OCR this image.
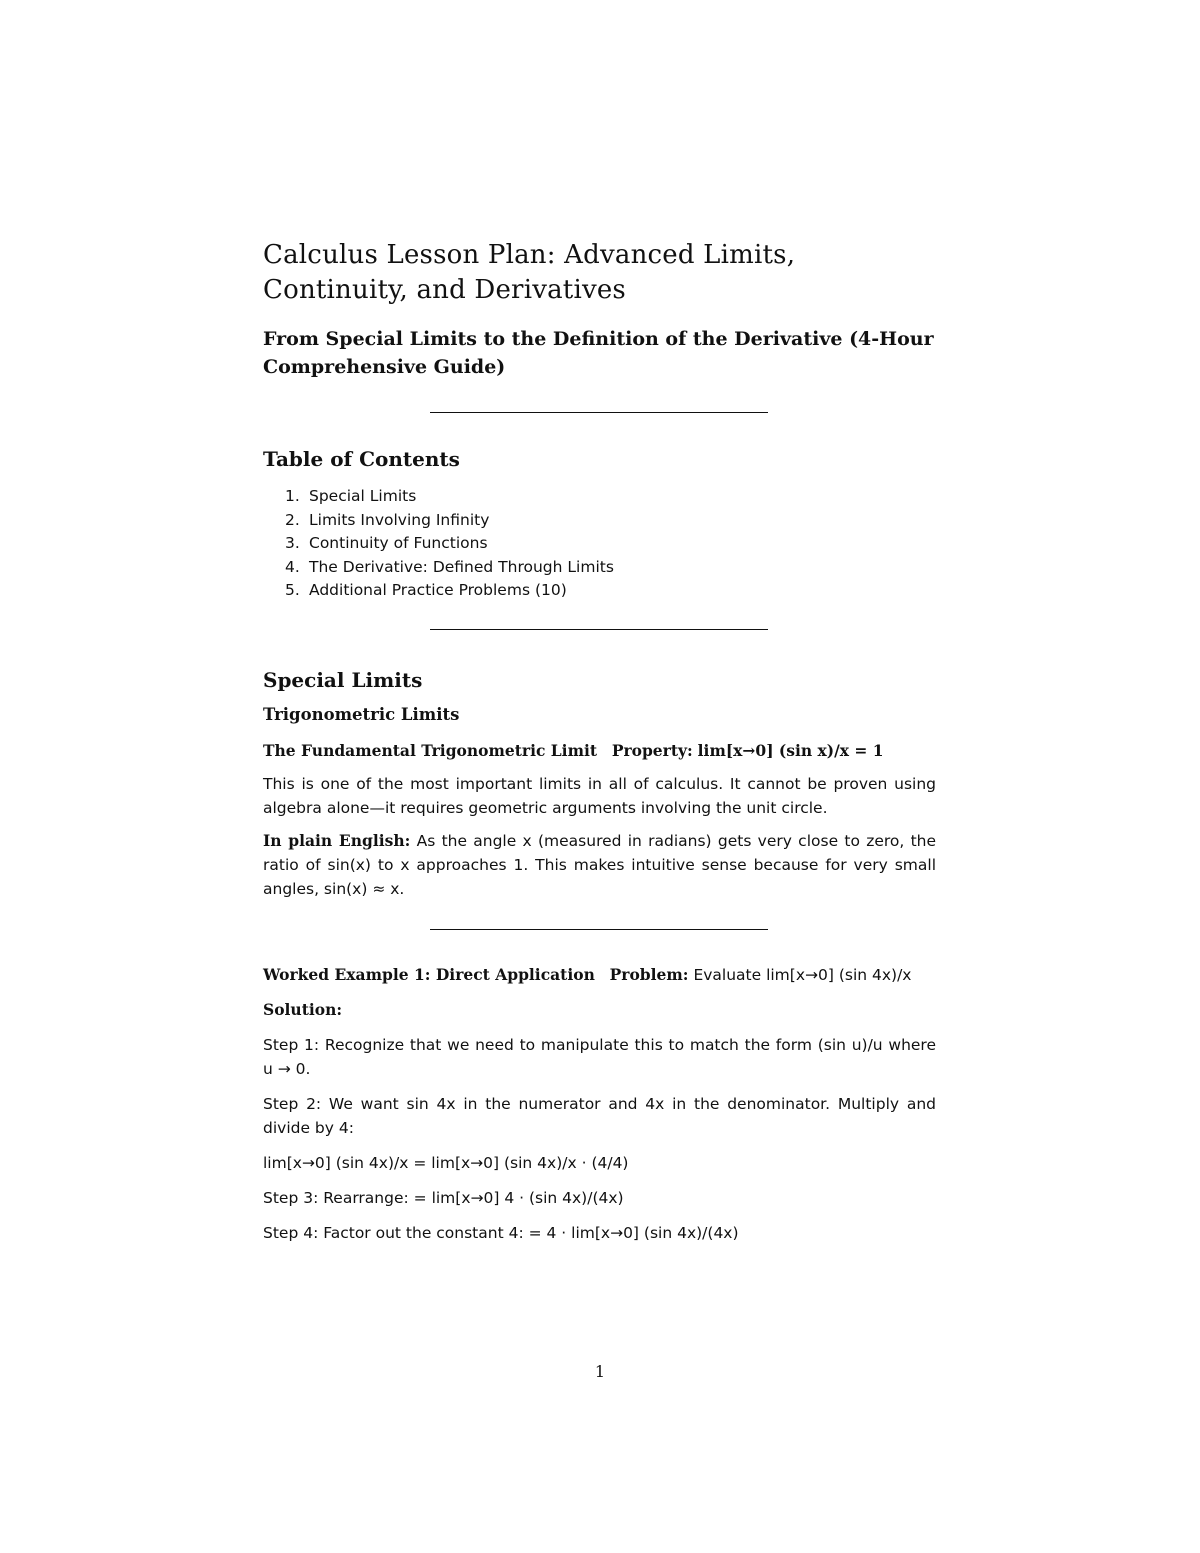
Calculus Lesson Plan: Advanced Limits, Continuity, and Derivatives
From Special Limits to the Definition of the Derivative (4-Hour Comprehensive Guide)
Table of Contents
1. Special Limits
2. Limits Involving Infinity
3. Continuity of Functions
4. The Derivative: Defined Through Limits
5. Additional Practice Problems (10)
Special Limits
Trigonometric Limits

The Fundamental Trigonometric Limit Property: lim[x→0] (sin x)/x = 1

This is one of the most important limits in all of calculus. It cannot be proven using algebra alone—it requires geometric arguments involving the unit circle.

In plain English: As the angle x (measured in radians) gets very close to zero, the ratio of sin(x) to x approaches 1. This makes intuitive sense because for very small angles, sin(x) ≈ x.

Worked Example 1: Direct Application Problem: Evaluate lim[x→0] (sin 4x)/x

Solution:

Step 1: Recognize that we need to manipulate this to match the form (sin u)/u where u → 0.

Step 2: We want sin 4x in the numerator and 4x in the denominator. Multiply and divide by 4:

lim[x→0] (sin 4x)/x = lim[x→0] (sin 4x)/x · (4/4)

Step 3: Rearrange: = lim[x→0] 4 · (sin 4x)/(4x)

Step 4: Factor out the constant 4: = 4 · lim[x→0] (sin 4x)/(4x)

1
